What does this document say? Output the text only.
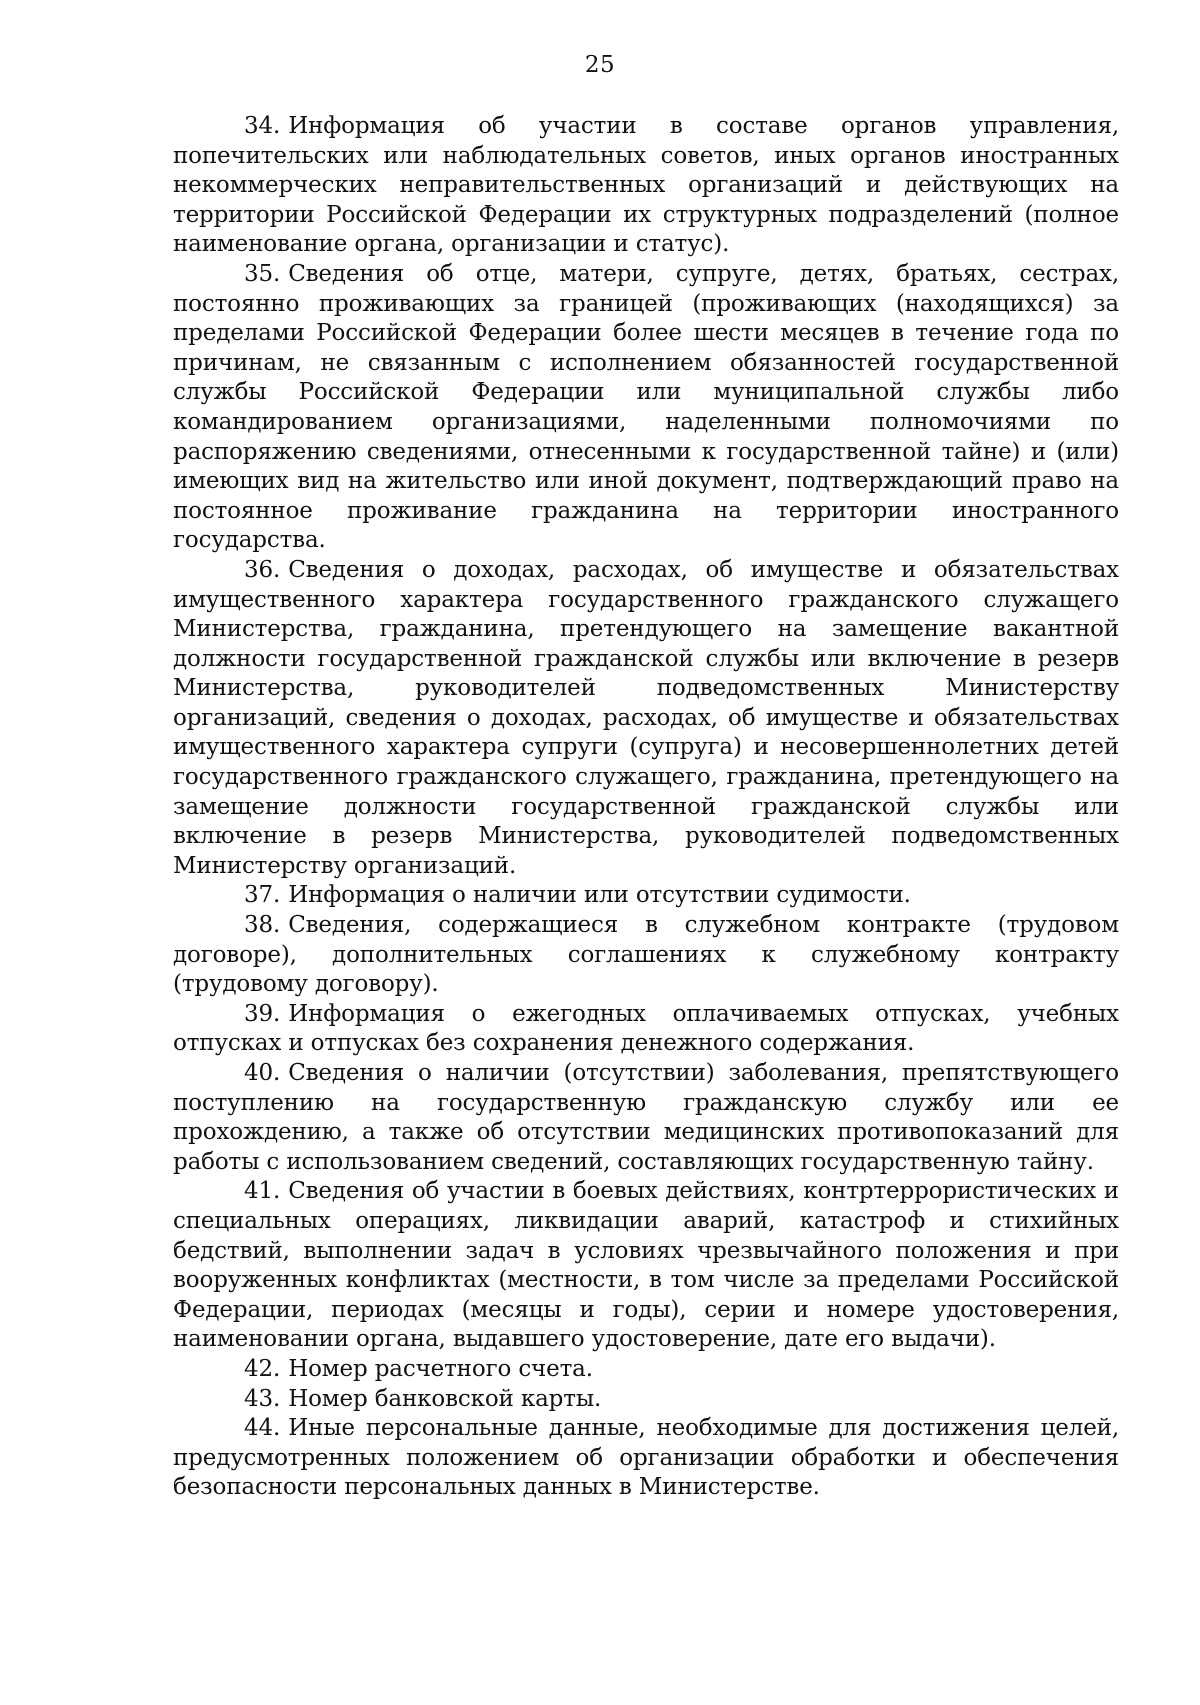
25

34. Информация об участии в составе органов управления, попечительских или наблюдательных советов, иных органов иностранных некоммерческих неправительственных организаций и действующих на территории Российской Федерации их структурных подразделений (полное наименование органа, организации и статус).

35. Сведения об отце, матери, супруге, детях, братьях, сестрах, постоянно проживающих за границей (проживающих (находящихся) за пределами Российской Федерации более шести месяцев в течение года по причинам, не связанным с исполнением обязанностей государственной службы Российской Федерации или муниципальной службы либо командированием организациями, наделенными полномочиями по распоряжению сведениями, отнесенными к государственной тайне) и (или) имеющих вид на жительство или иной документ, подтверждающий право на постоянное проживание гражданина на территории иностранного государства.

36. Сведения о доходах, расходах, об имуществе и обязательствах имущественного характера государственного гражданского служащего Министерства, гражданина, претендующего на замещение вакантной должности государственной гражданской службы или включение в резерв Министерства, руководителей подведомственных Министерству организаций, сведения о доходах, расходах, об имуществе и обязательствах имущественного характера супруги (супруга) и несовершеннолетних детей государственного гражданского служащего, гражданина, претендующего на замещение должности государственной гражданской службы или включение в резерв Министерства, руководителей подведомственных Министерству организаций.

37. Информация о наличии или отсутствии судимости.

38. Сведения, содержащиеся в служебном контракте (трудовом договоре), дополнительных соглашениях к служебному контракту (трудовому договору).

39. Информация о ежегодных оплачиваемых отпусках, учебных отпусках и отпусках без сохранения денежного содержания.

40. Сведения о наличии (отсутствии) заболевания, препятствующего поступлению на государственную гражданскую службу или ее прохождению, а также об отсутствии медицинских противопоказаний для работы с использованием сведений, составляющих государственную тайну.

41. Сведения об участии в боевых действиях, контртеррористических и специальных операциях, ликвидации аварий, катастроф и стихийных бедствий, выполнении задач в условиях чрезвычайного положения и при вооруженных конфликтах (местности, в том числе за пределами Российской Федерации, периодах (месяцы и годы), серии и номере удостоверения, наименовании органа, выдавшего удостоверение, дате его выдачи).

42. Номер расчетного счета.

43. Номер банковской карты.

44. Иные персональные данные, необходимые для достижения целей, предусмотренных положением об организации обработки и обеспечения безопасности персональных данных в Министерстве.
